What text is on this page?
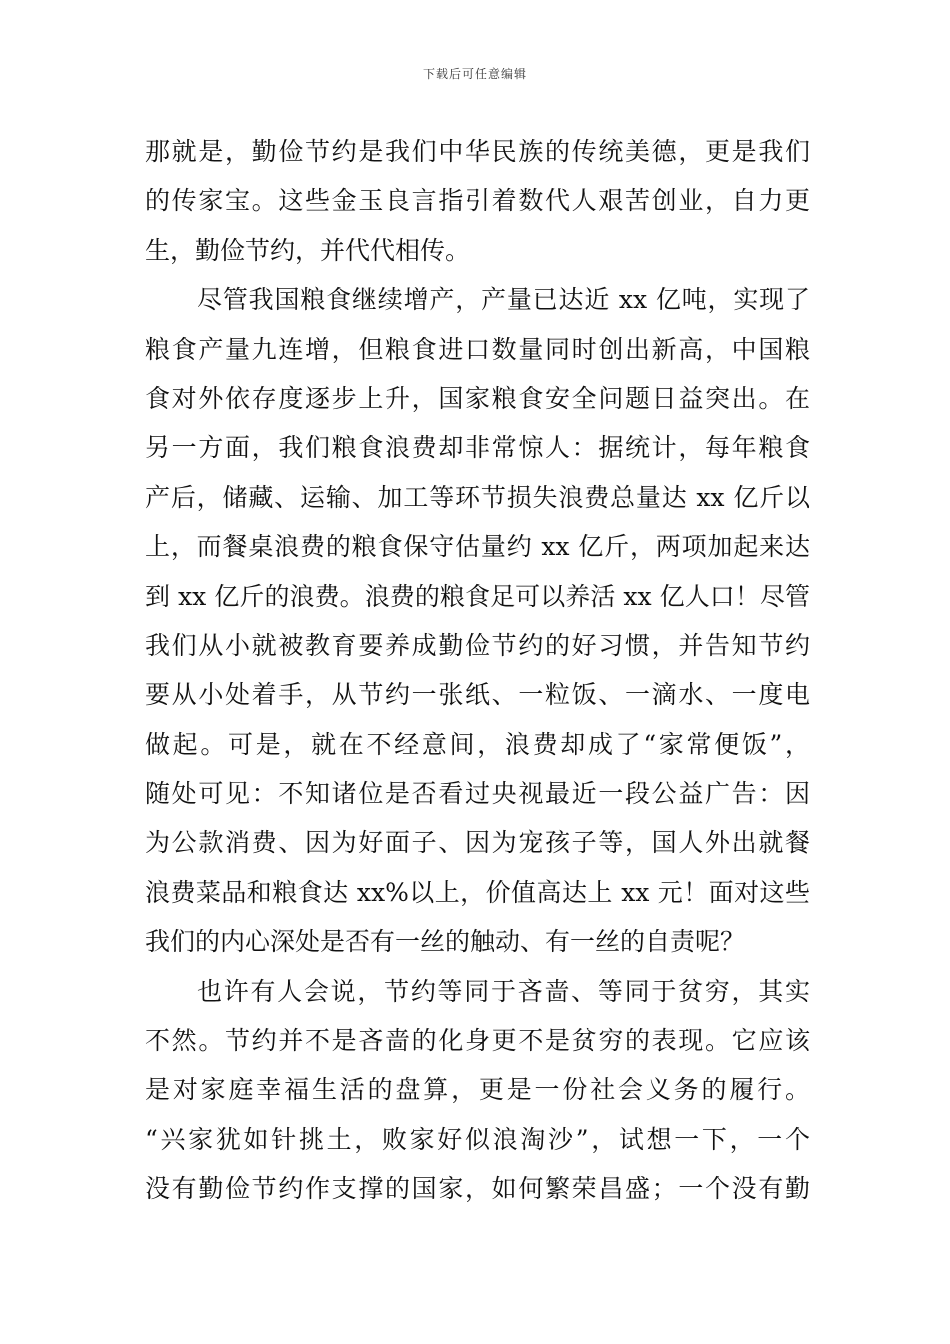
下载后可任意编辑
那就是，勤俭节约是我们中华民族的传统美德，更是我们
的传家宝。这些金玉良言指引着数代人艰苦创业，自力更
生，勤俭节约，并代代相传。
尽管我国粮食继续增产，产量已达近 xx 亿吨，实现了
粮食产量九连增，但粮食进口数量同时创出新高，中国粮
食对外依存度逐步上升，国家粮食安全问题日益突出。在
另一方面，我们粮食浪费却非常惊人：据统计，每年粮食
产后，储藏、运输、加工等环节损失浪费总量达 xx 亿斤以
上，而餐桌浪费的粮食保守估量约 xx 亿斤，两项加起来达
到 xx 亿斤的浪费。浪费的粮食足可以养活 xx 亿人口！尽管
我们从小就被教育要养成勤俭节约的好习惯，并告知节约
要从小处着手，从节约一张纸、一粒饭、一滴水、一度电
做起。可是，就在不经意间，浪费却成了“家常便饭”，
随处可见：不知诸位是否看过央视最近一段公益广告：因
为公款消费、因为好面子、因为宠孩子等，国人外出就餐
浪费菜品和粮食达 xx%以上，价值高达上 xx 元！面对这些
我们的内心深处是否有一丝的触动、有一丝的自责呢？
也许有人会说，节约等同于吝啬、等同于贫穷，其实
不然。节约并不是吝啬的化身更不是贫穷的表现。它应该
是对家庭幸福生活的盘算，更是一份社会义务的履行。
“兴家犹如针挑土，败家好似浪淘沙”，试想一下，一个
没有勤俭节约作支撑的国家，如何繁荣昌盛；一个没有勤
